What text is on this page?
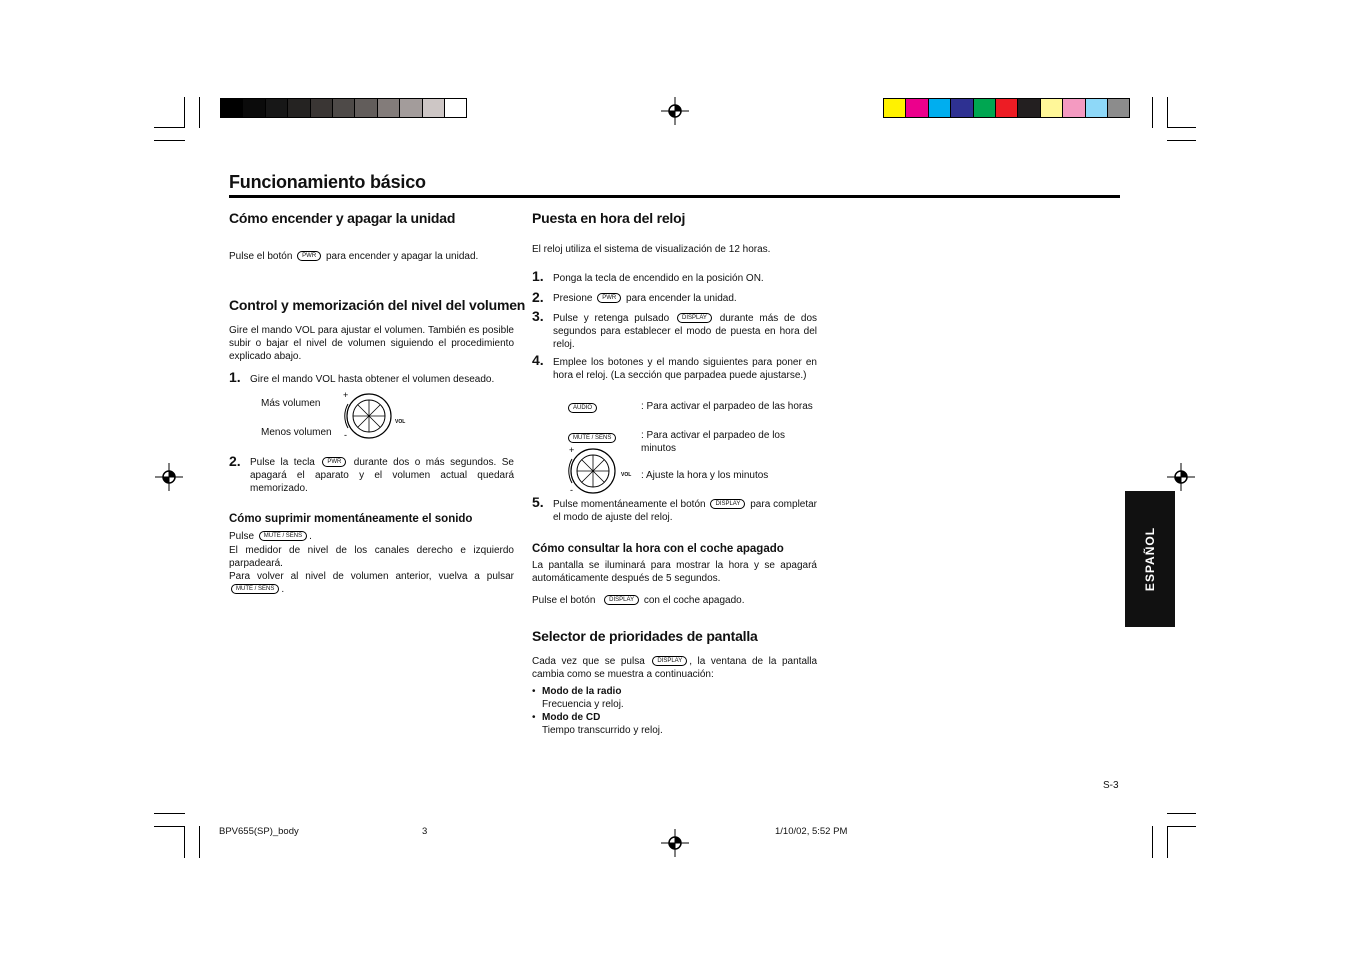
Funcionamiento básico
Cómo encender y apagar la unidad
Pulse el botón PWR para encender y apagar la unidad.
Control y memorización del nivel del volumen
Gire el mando VOL para ajustar el volumen. También es posible subir o bajar el nivel de volumen siguiendo el procedimiento explicado abajo.
1. Gire el mando VOL hasta obtener el volumen deseado.
Más volumen
Menos volumen
+
-
VOL
2. Pulse la tecla PWR durante dos o más segundos. Se apagará el aparato y el volumen actual quedará memorizado.
Cómo suprimir momentáneamente el sonido
Pulse MUTE / SENS .
El medidor de nivel de los canales derecho e izquierdo parpadeará.
Para volver al nivel de volumen anterior, vuelva a pulsar MUTE / SENS .
Puesta en hora del reloj
El reloj utiliza el sistema de visualización de 12 horas.
1. Ponga la tecla de encendido en la posición ON.
2. Presione PWR para encender la unidad.
3. Pulse y retenga pulsado DISPLAY durante más de dos segundos para establecer el modo de puesta en hora del reloj.
4. Emplee los botones y el mando siguientes para poner en hora el reloj. (La sección que parpadea puede ajustarse.)
AUDIO	: Para activar el parpadeo de las horas
MUTE / SENS	: Para activar el parpadeo de los minutos
+
-
VOL : Ajuste la hora y los minutos
5. Pulse momentáneamente el botón DISPLAY para completar el modo de ajuste del reloj.
Cómo consultar la hora con el coche apagado
La pantalla se iluminará para mostrar la hora y se apagará automáticamente después de 5 segundos.
Pulse el botón DISPLAY con el coche apagado.
Selector de prioridades de pantalla
Cada vez que se pulsa DISPLAY , la ventana de la pantalla cambia como se muestra a continuación:
• Modo de la radio
Frecuencia y reloj.
• Modo de CD
Tiempo transcurrido y reloj.
ESPAÑOL
S-3
BPV655(SP)_body	3	1/10/02, 5:52 PM
